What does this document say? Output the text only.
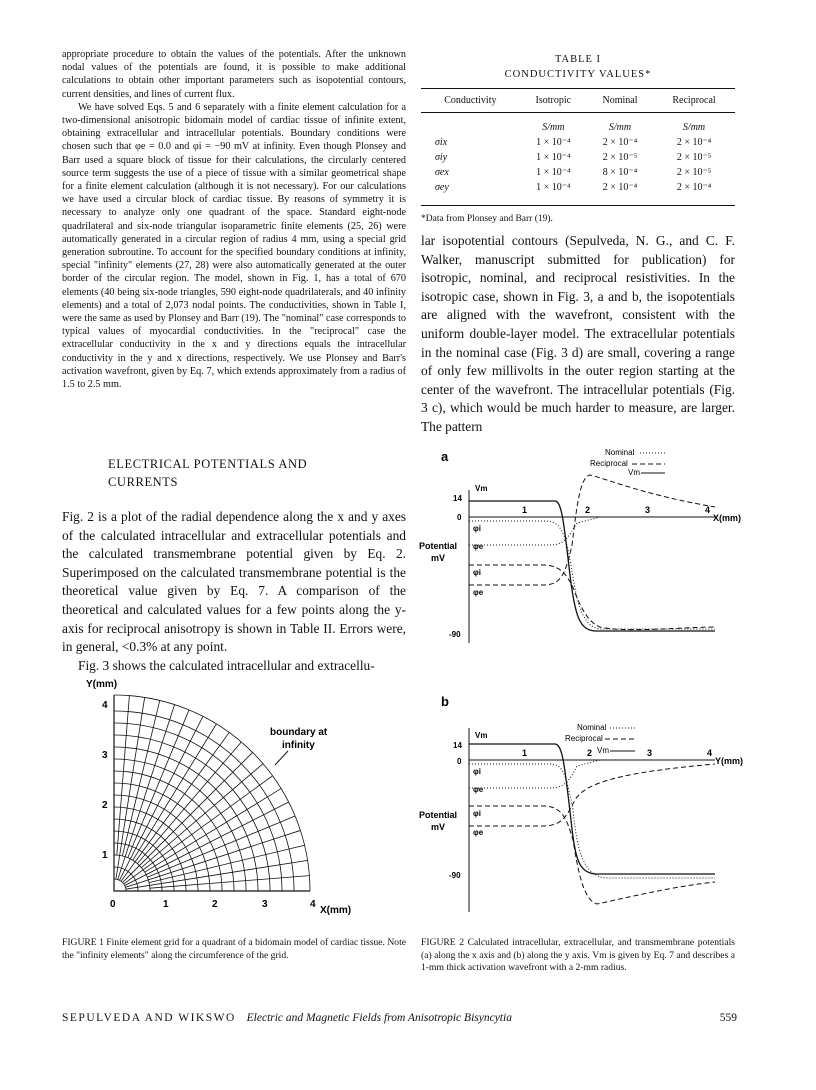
appropriate procedure to obtain the values of the potentials. After the unknown nodal values of the potentials are found, it is possible to make additional calculations to obtain other important parameters such as isopotential contours, current densities, and lines of current flux.

We have solved Eqs. 5 and 6 separately with a finite element calculation for a two-dimensional anisotropic bidomain model of cardiac tissue of infinite extent, obtaining extracellular and intracellular potentials. Boundary conditions were chosen such that φe = 0.0 and φi = −90 mV at infinity. Even though Plonsey and Barr used a square block of tissue for their calculations, the circularly centered source term suggests the use of a piece of tissue with a similar geometrical shape for a finite element calculation (although it is not necessary). For our calculations we have used a circular block of cardiac tissue. By reasons of symmetry it is necessary to analyze only one quadrant of the space. Standard eight-node quadrilateral and six-node triangular isoparametric finite elements (25, 26) were automatically generated in a circular region of radius 4 mm, using a special grid generation subroutine. To account for the specified boundary conditions at infinity, special "infinity" elements (27, 28) were also automatically generated at the outer border of the circular region. The model, shown in Fig. 1, has a total of 670 elements (40 being six-node triangles, 590 eight-node quadrilaterals, and 40 infinity elements) and a total of 2,073 nodal points. The conductivities, shown in Table I, were the same as used by Plonsey and Barr (19). The "nominal" case corresponds to typical values of myocardial conductivities. In the "reciprocal" case the extracellular conductivity in the x and y directions equals the intracellular conductivity in the y and x directions, respectively. We use Plonsey and Barr's activation wavefront, given by Eq. 7, which extends approximately from a radius of 1.5 to 2.5 mm.

ELECTRICAL POTENTIALS AND
CURRENTS

Fig. 2 is a plot of the radial dependence along the x and y axes of the calculated intracellular and extracellular potentials and the calculated transmembrane potential given by Eq. 2. Superimposed on the calculated transmembrane potential is the theoretical value given by Eq. 7. A comparison of the theoretical and calculated values for a few points along the y-axis for reciprocal anisotropy is shown in Table II. Errors were, in general, <0.3% at any point.

Fig. 3 shows the calculated intracellular and extracellu-

TABLE I
CONDUCTIVITY VALUES*
Conductivity	Isotropic	Nominal	Reciprocal
	S/mm	S/mm	S/mm
σix	1 × 10⁻⁴	2 × 10⁻⁴	2 × 10⁻⁴
σiy	1 × 10⁻⁴	2 × 10⁻⁵	2 × 10⁻⁵
σex	1 × 10⁻⁴	8 × 10⁻⁴	2 × 10⁻⁵
σey	1 × 10⁻⁴	2 × 10⁻⁴	2 × 10⁻⁴

*Data from Plonsey and Barr (19).

lar isopotential contours (Sepulveda, N. G., and C. F. Walker, manuscript submitted for publication) for isotropic, nominal, and reciprocal resistivities. In the isotropic case, shown in Fig. 3, a and b, the isopotentials are aligned with the wavefront, consistent with the uniform double-layer model. The extracellular potentials in the nominal case (Fig. 3 d) are small, covering a range of only few millivolts in the outer region starting at the center of the wavefront. The intracellular potentials (Fig. 3 c), which would be much harder to measure, are larger. The pattern

Y(mm)
4
3
2
1
0	1	2	3	4
X(mm)
boundary at
infinity
FIGURE 1 Finite element grid for a quadrant of a bidomain model of cardiac tissue. Note the "infinity elements" along the circumference of the grid.
a	Nominal
Reciprocal
Vm
14
0
-90
1	2	3	4
X(mm)
Potential
mV
Vm
φi
φe
φi
φe
b
Nominal
Reciprocal
Vm
14
0
-90
1	2	3	4
Y(mm)
Potential
mV
Vm
φi
φe
φi
φe
FIGURE 2 Calculated intracellular, extracellular, and transmembrane potentials (a) along the x axis and (b) along the y axis. Vm is given by Eq. 7 and describes a 1-mm thick activation wavefront with a 2-mm radius.
SEPULVEDA AND WIKSWO Electric and Magnetic Fields from Anisotropic Bisyncytia	559
